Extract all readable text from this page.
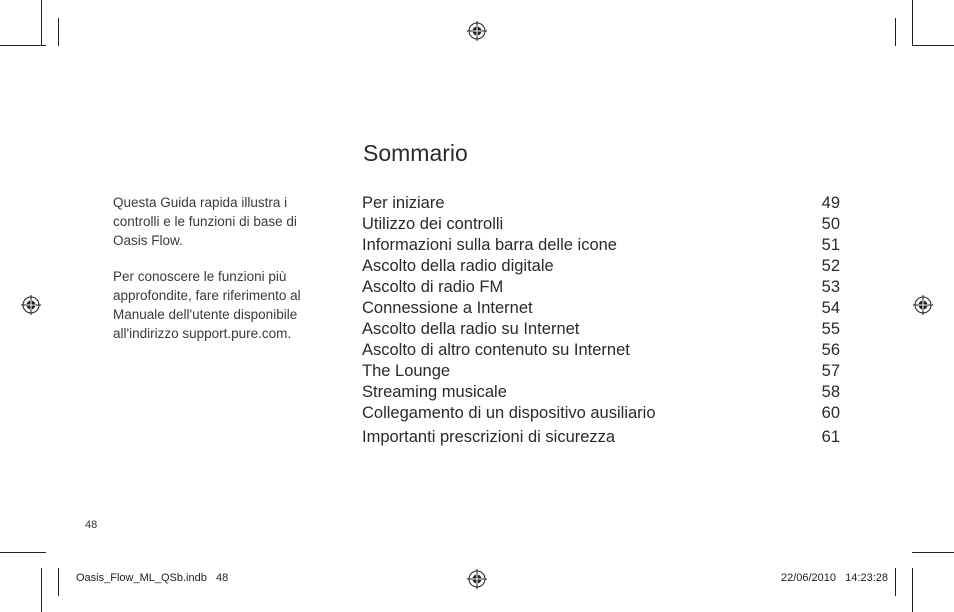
Sommario
Questa Guida rapida illustra i controlli e le funzioni di base di Oasis Flow.
Per conoscere le funzioni più approfondite, fare riferimento al Manuale dell'utente disponibile all'indirizzo support.pure.com.
Per iniziare	49
Utilizzo dei controlli	50
Informazioni sulla barra delle icone	51
Ascolto della radio digitale	52
Ascolto di radio FM	53
Connessione a Internet	54
Ascolto della radio su Internet	55
Ascolto di altro contenuto su Internet	56
The Lounge	57
Streaming musicale	58
Collegamento di un dispositivo ausiliario	60
Importanti prescrizioni di sicurezza	61
48
Oasis_Flow_ML_QSb.indb   48	22/06/2010   14:23:28
